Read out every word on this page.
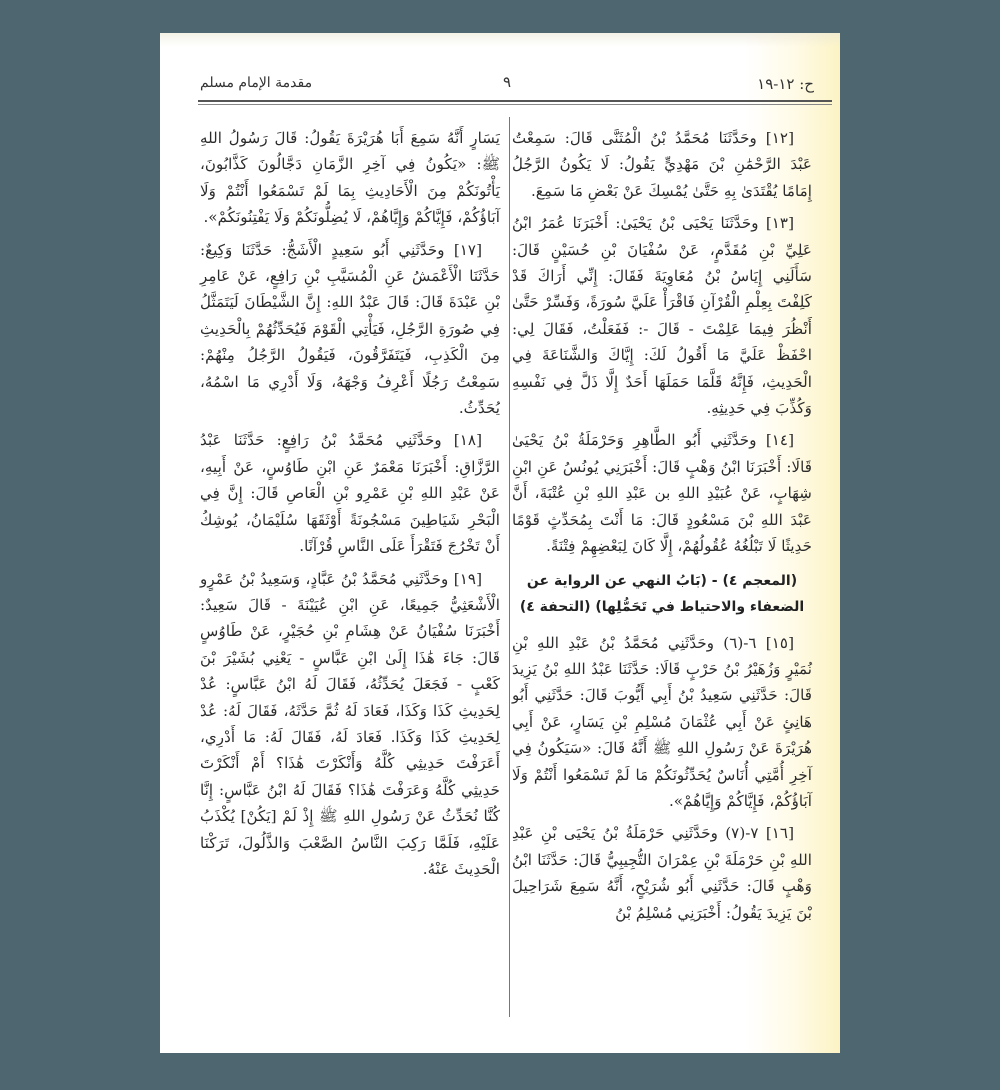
ح: ١٢-١٩
٩
مقدمة الإمام مسلم

[١٢] وحَدَّثَنَا مُحَمَّدُ بْنُ الْمُثَنَّى قَالَ: سَمِعْتُ عَبْدَ الرَّحْمَٰنِ بْنَ مَهْدِيٍّ يَقُولُ: لَا يَكُونُ الرَّجُلُ إِمَامًا يُقْتَدَىٰ بِهِ حَتَّىٰ يُمْسِكَ عَنْ بَعْضِ مَا سَمِعَ.

[١٣] وحَدَّثَنَا يَحْيَى بْنُ يَحْيَىٰ: أَخْبَرَنَا عُمَرُ ابْنُ عَلِيِّ بْنِ مُقَدَّمٍ، عَنْ سُفْيَانَ بْنِ حُسَيْنٍ قَالَ: سَأَلَنِي إِيَاسُ بْنُ مُعَاوِيَةَ فَقَالَ: إِنِّي أَرَاكَ قَدْ كَلِفْتَ بِعِلْمِ الْقُرْآنِ فَاقْرَأْ عَلَيَّ سُورَةً، وَفَسِّرْ حَتَّىٰ أَنْظُرَ فِيمَا عَلِمْتَ - قَالَ -: فَفَعَلْتُ، فَقَالَ لِي: احْفَظْ عَلَيَّ مَا أَقُولُ لَكَ: إِيَّاكَ وَالشَّنَاعَةَ فِي الْحَدِيثِ، فَإِنَّهُ قَلَّمَا حَمَلَهَا أَحَدٌ إِلَّا ذَلَّ فِي نَفْسِهِ وَكُذِّبَ فِي حَدِيثِهِ.

[١٤] وحَدَّثَنِي أَبُو الطَّاهِرِ وَحَرْمَلَةُ بْنُ يَحْيَىٰ قَالَا: أَخْبَرَنَا ابْنُ وَهْبٍ قَالَ: أَخْبَرَنِي يُونُسُ عَنِ ابْنِ شِهَابٍ، عَنْ عُبَيْدِ اللهِ بن عَبْدِ اللهِ بْنِ عُتْبَةَ، أَنَّ عَبْدَ اللهِ بْنَ مَسْعُودٍ قَالَ: مَا أَنْتَ بِمُحَدِّثٍ قَوْمًا حَدِيثًا لَا تَبْلُغُهُ عُقُولُهُمْ، إِلَّا كَانَ لِبَعْضِهِمْ فِتْنَةً.

(المعجم ٤) - (بَابُ النهي عن الرواية عن الضعفاء والاحتياط في تَحَمُّلِها) (التحفة ٤)

[١٥] ٦-(٦) وحَدَّثَنِي مُحَمَّدُ بْنُ عَبْدِ اللهِ بْنِ نُمَيْرٍ وَزُهَيْرُ بْنُ حَرْبٍ قَالَا: حَدَّثَنَا عَبْدُ اللهِ بْنُ يَزِيدَ قَالَ: حَدَّثَنِي سَعِيدُ بْنُ أَبِي أَيُّوبَ قَالَ: حَدَّثَنِي أَبُو هَانِئٍ عَنْ أَبِي عُثْمَانَ مُسْلِمِ بْنِ يَسَارٍ، عَنْ أَبِي هُرَيْرَةَ عَنْ رَسُولِ اللهِ ﷺ أَنَّهُ قَالَ: «سَيَكُونُ فِي آخِرِ أُمَّتِي أُنَاسٌ يُحَدِّثُونَكُمْ مَا لَمْ تَسْمَعُوا أَنْتُمْ وَلَا آبَاؤُكُمْ، فَإِيَّاكُمْ وَإِيَّاهُمْ».

[١٦] ٧-(٧) وحَدَّثَنِي حَرْمَلَةُ بْنُ يَحْيَى بْنِ عَبْدِ اللهِ بْنِ حَرْمَلَةَ بْنِ عِمْرَانَ التُّجِيبِيُّ قَالَ: حَدَّثَنَا ابْنُ وَهْبٍ قَالَ: حَدَّثَنِي أَبُو شُرَيْحٍ، أَنَّهُ سَمِعَ شَرَاحِيلَ بْنَ يَزِيدَ يَقُولُ: أَخْبَرَنِي مُسْلِمُ بْنُ

يَسَارٍ أَنَّهُ سَمِعَ أَبَا هُرَيْرَةَ يَقُولُ: قَالَ رَسُولُ اللهِ ﷺ: «يَكُونُ فِي آخِرِ الزَّمَانِ دَجَّالُونَ كَذَّابُونَ، يَأْتُونَكُمْ مِنَ الْأَحَادِيثِ بِمَا لَمْ تَسْمَعُوا أَنْتُمْ وَلَا آبَاؤُكُمْ، فَإِيَّاكُمْ وَإِيَّاهُمْ، لَا يُضِلُّونَكُمْ وَلَا يَفْتِنُونَكُمْ».

[١٧] وحَدَّثَنِي أَبُو سَعِيدٍ الْأَشَجُّ: حَدَّثَنَا وَكِيعٌ: حَدَّثَنَا الْأَعْمَشُ عَنِ الْمُسَيَّبِ بْنِ رَافِعٍ، عَنْ عَامِرِ بْنِ عَبْدَةَ قَالَ: قَالَ عَبْدُ اللهِ: إِنَّ الشَّيْطَانَ لَيَتَمَثَّلُ فِي صُورَةِ الرَّجُلِ، فَيَأْتِي الْقَوْمَ فَيُحَدِّثُهُمْ بِالْحَدِيثِ مِنَ الْكَذِبِ، فَيَتَفَرَّقُونَ، فَيَقُولُ الرَّجُلُ مِنْهُمْ: سَمِعْتُ رَجُلًا أَعْرِفُ وَجْهَهُ، وَلَا أَدْرِي مَا اسْمُهُ، يُحَدِّثُ.

[١٨] وحَدَّثَنِي مُحَمَّدُ بْنُ رَافِعٍ: حَدَّثَنَا عَبْدُ الرَّزَّاقِ: أَخْبَرَنَا مَعْمَرٌ عَنِ ابْنِ طَاوُسٍ، عَنْ أَبِيهِ، عَنْ عَبْدِ اللهِ بْنِ عَمْرِو بْنِ الْعَاصِ قَالَ: إِنَّ فِي الْبَحْرِ شَيَاطِينَ مَسْجُونَةً أَوْثَقَهَا سُلَيْمَانُ، يُوشِكُ أَنْ تَخْرُجَ فَتَقْرَأَ عَلَى النَّاسِ قُرْآنًا.

[١٩] وحَدَّثَنِي مُحَمَّدُ بْنُ عَبَّادٍ، وَسَعِيدُ بْنُ عَمْرٍو الْأَشْعَثِيُّ جَمِيعًا، عَنِ ابْنِ عُيَيْنَةَ - قَالَ سَعِيدٌ: أَخْبَرَنَا سُفْيَانُ عَنْ هِشَامِ بْنِ حُجَيْرٍ، عَنْ طَاوُسٍ قَالَ: جَاءَ هَٰذَا إِلَىٰ ابْنِ عَبَّاسٍ - يَعْنِي بُشَيْرَ بْنَ كَعْبٍ - فَجَعَلَ يُحَدِّثُهُ، فَقَالَ لَهُ ابْنُ عَبَّاسٍ: عُدْ لِحَدِيثِ كَذَا وَكَذَا، فَعَادَ لَهُ ثُمَّ حَدَّثَهُ، فَقَالَ لَهُ: عُدْ لِحَدِيثِ كَذَا وَكَذَا. فَعَادَ لَهُ، فَقَالَ لَهُ: مَا أَدْرِي، أَعَرَفْتَ حَدِيثِي كُلَّهُ وَأَنْكَرْتَ هَٰذَا؟ أَمْ أَنْكَرْتَ حَدِيثِي كُلَّهُ وَعَرَفْتَ هَٰذَا؟ فَقَالَ لَهُ ابْنُ عَبَّاسٍ: إِنَّا كُنَّا نُحَدِّثُ عَنْ رَسُولِ اللهِ ﷺ إِذْ لَمْ [يَكُنْ] يُكْذَبُ عَلَيْهِ، فَلَمَّا رَكِبَ النَّاسُ الصَّعْبَ وَالذَّلُولَ، تَرَكْنَا الْحَدِيثَ عَنْهُ.
